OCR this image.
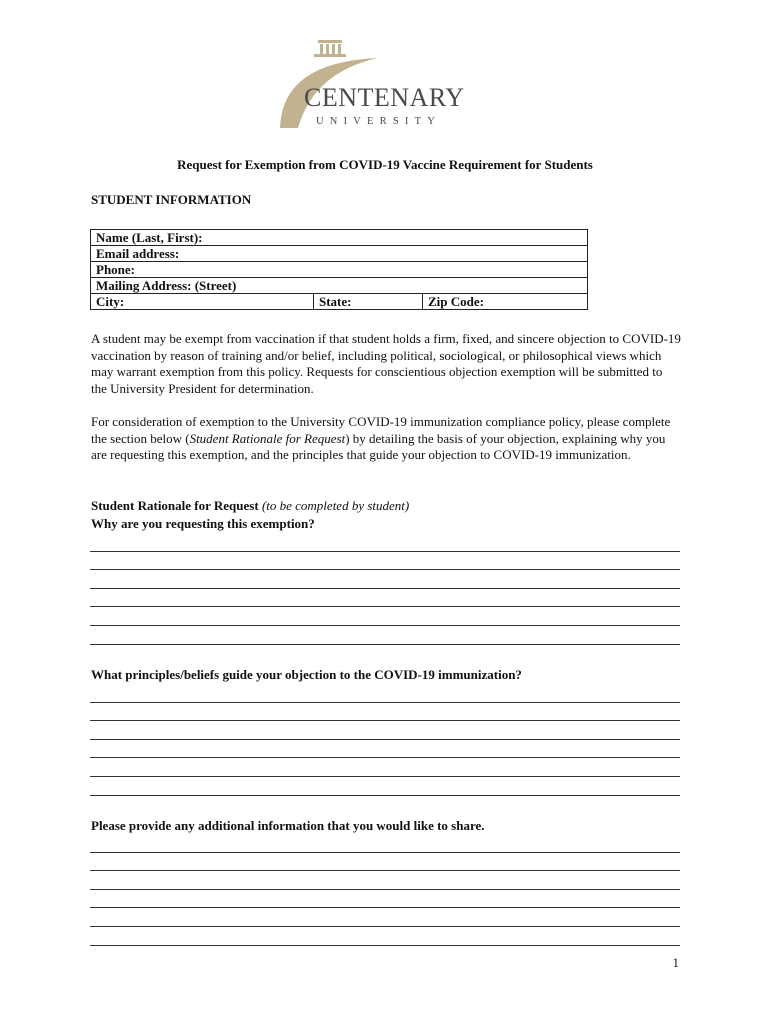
CENTENARY
UNIVERSITY
Request for Exemption from COVID-19 Vaccine Requirement for Students
STUDENT INFORMATION
Name (Last, First):
Email address:
Phone:
Mailing Address: (Street)
City:	State:	Zip Code:

A student may be exempt from vaccination if that student holds a firm, fixed, and sincere objection to COVID-19 vaccination by reason of training and/or belief, including political, sociological, or philosophical views which may warrant exemption from this policy. Requests for conscientious objection exemption will be submitted to the University President for determination.

For consideration of exemption to the University COVID-19 immunization compliance policy, please complete the section below (Student Rationale for Request) by detailing the basis of your objection, explaining why you are requesting this exemption, and the principles that guide your objection to COVID-19 immunization.

Student Rationale for Request (to be completed by student)
Why are you requesting this exemption?
What principles/beliefs guide your objection to the COVID-19 immunization?
Please provide any additional information that you would like to share.
1
